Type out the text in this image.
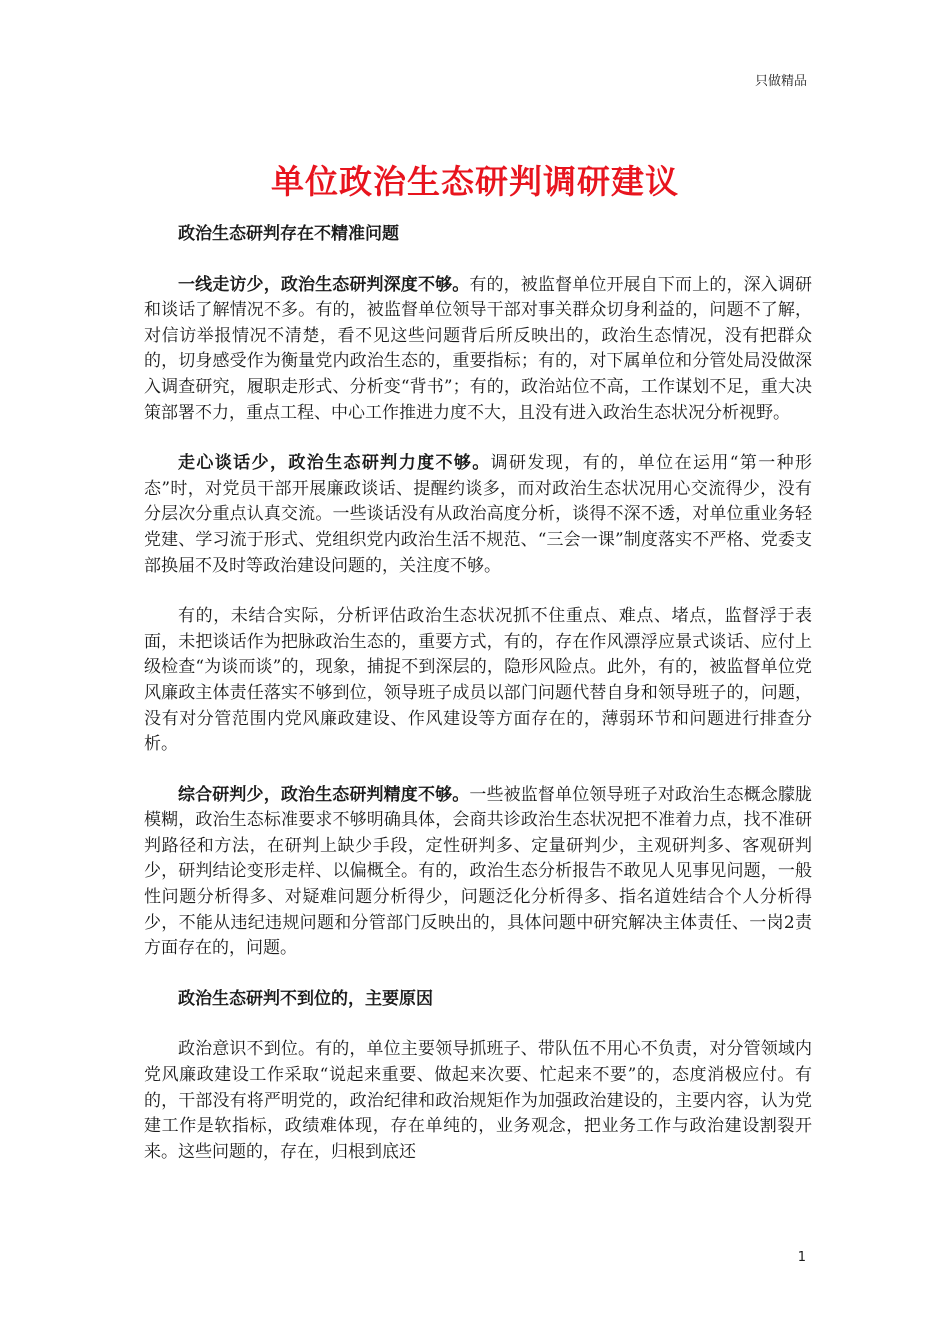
只做精品
单位政治生态研判调研建议

政治生态研判存在不精准问题

一线走访少，政治生态研判深度不够。有的，被监督单位开展自下而上的，深入调研和谈话了解情况不多。有的，被监督单位领导干部对事关群众切身利益的，问题不了解，对信访举报情况不清楚，看不见这些问题背后所反映出的，政治生态情况，没有把群众的，切身感受作为衡量党内政治生态的，重要指标；有的，对下属单位和分管处局没做深入调查研究，履职走形式、分析变“背书”；有的，政治站位不高，工作谋划不足，重大决策部署不力，重点工程、中心工作推进力度不大，且没有进入政治生态状况分析视野。

走心谈话少，政治生态研判力度不够。调研发现，有的，单位在运用“第一种形态”时，对党员干部开展廉政谈话、提醒约谈多，而对政治生态状况用心交流得少，没有分层次分重点认真交流。一些谈话没有从政治高度分析，谈得不深不透，对单位重业务轻党建、学习流于形式、党组织党内政治生活不规范、“三会一课”制度落实不严格、党委支部换届不及时等政治建设问题的，关注度不够。

有的，未结合实际，分析评估政治生态状况抓不住重点、难点、堵点，监督浮于表面，未把谈话作为把脉政治生态的，重要方式，有的，存在作风漂浮应景式谈话、应付上级检查“为谈而谈”的，现象，捕捉不到深层的，隐形风险点。此外，有的，被监督单位党风廉政主体责任落实不够到位，领导班子成员以部门问题代替自身和领导班子的，问题，没有对分管范围内党风廉政建设、作风建设等方面存在的，薄弱环节和问题进行排查分析。

综合研判少，政治生态研判精度不够。一些被监督单位领导班子对政治生态概念朦胧模糊，政治生态标准要求不够明确具体，会商共诊政治生态状况把不准着力点，找不准研判路径和方法，在研判上缺少手段，定性研判多、定量研判少，主观研判多、客观研判少，研判结论变形走样、以偏概全。有的，政治生态分析报告不敢见人见事见问题，一般性问题分析得多、对疑难问题分析得少，问题泛化分析得多、指名道姓结合个人分析得少，不能从违纪违规问题和分管部门反映出的，具体问题中研究解决主体责任、一岗2责方面存在的，问题。

政治生态研判不到位的，主要原因

政治意识不到位。有的，单位主要领导抓班子、带队伍不用心不负责，对分管领域内党风廉政建设工作采取“说起来重要、做起来次要、忙起来不要”的，态度消极应付。有的，干部没有将严明党的，政治纪律和政治规矩作为加强政治建设的，主要内容，认为党建工作是软指标，政绩难体现，存在单纯的，业务观念，把业务工作与政治建设割裂开来。这些问题的，存在，归根到底还

1
